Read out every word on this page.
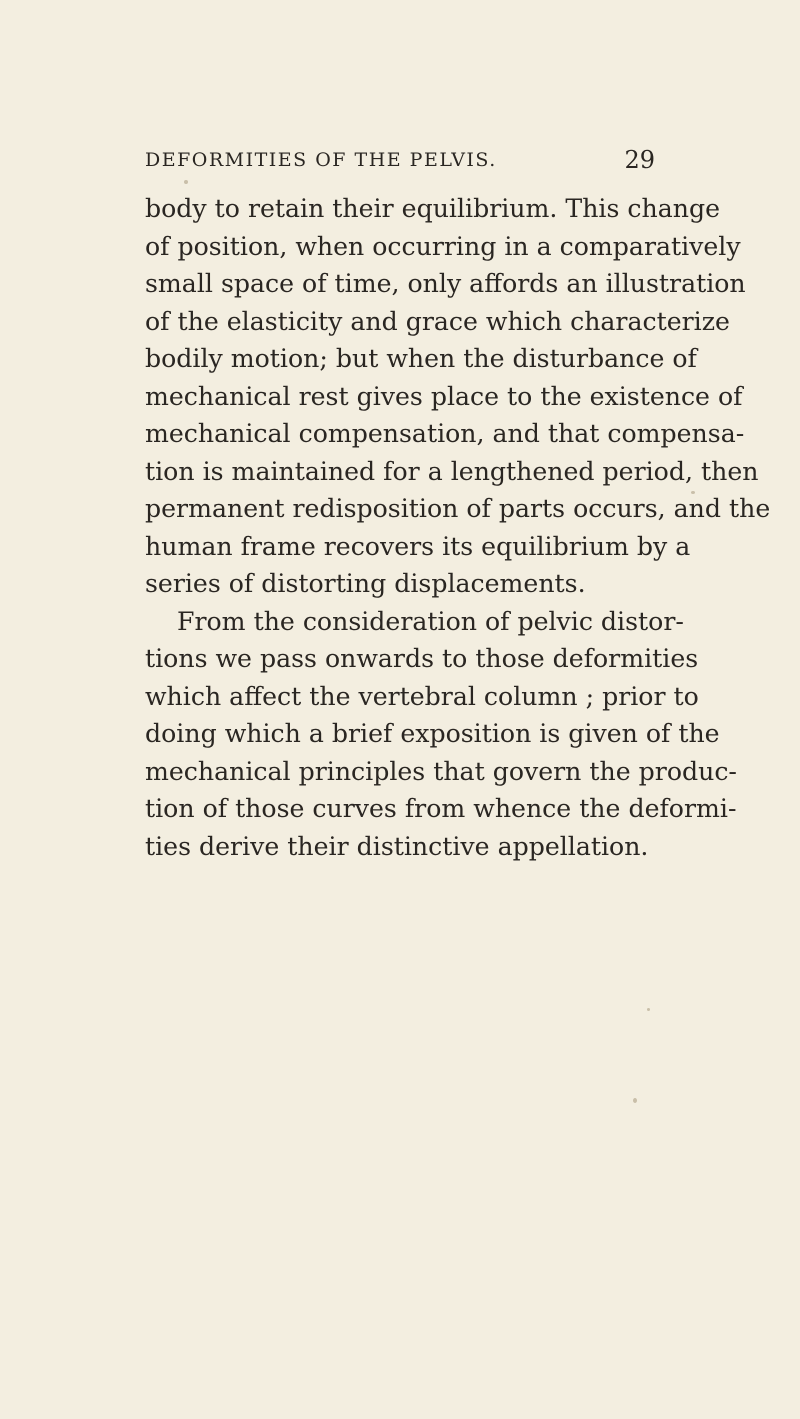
DEFORMITIES OF THE PELVIS.	29
body to retain their equilibrium. This change
of position, when occurring in a comparatively
small space of time, only affords an illustration
of the elasticity and grace which characterize
bodily motion; but when the disturbance of
mechanical rest gives place to the existence of
mechanical compensation, and that compensa-
tion is maintained for a lengthened period, then
permanent redisposition of parts occurs, and the
human frame recovers its equilibrium by a
series of distorting displacements.
From the consideration of pelvic distor-
tions we pass onwards to those deformities
which affect the vertebral column ; prior to
doing which a brief exposition is given of the
mechanical principles that govern the produc-
tion of those curves from whence the deformi-
ties derive their distinctive appellation.
